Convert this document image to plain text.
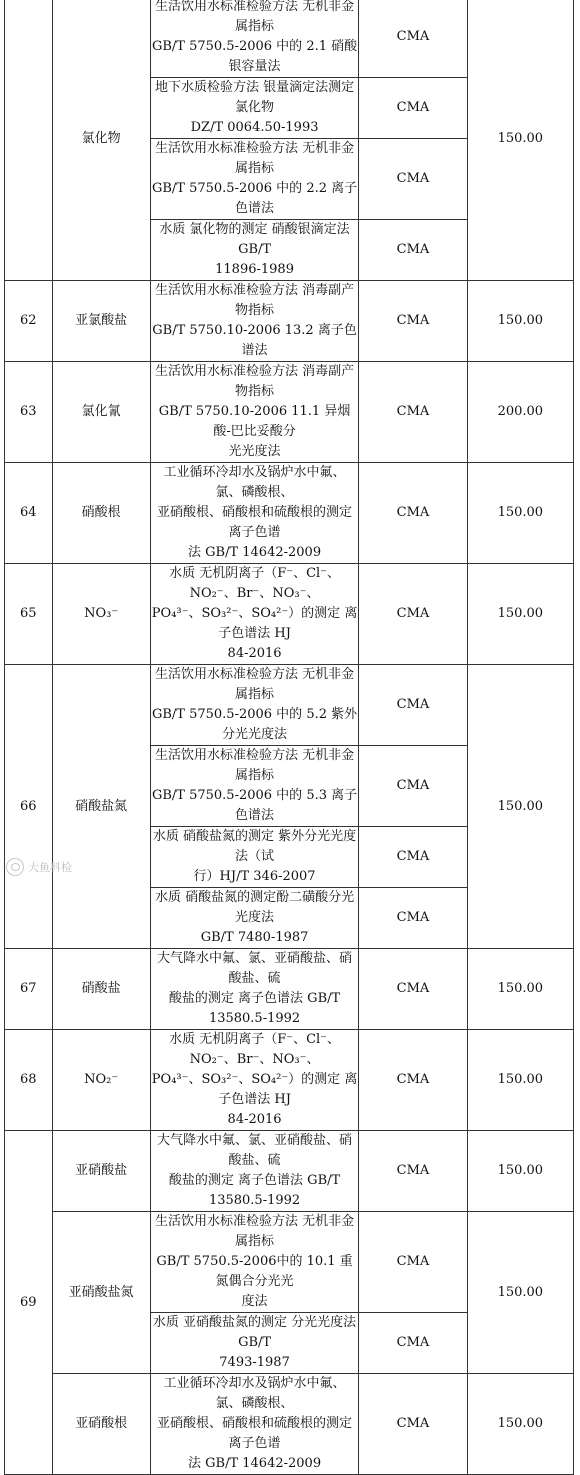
	氯化物	生活饮用水标准检验方法 无机非金属指标
GB/T 5750.5-2006 中的 2.1 硝酸银容量法	CMA	150.00

		地下水质检验方法 银量滴定法测定氯化物
DZ/T 0064.50-1993	CMA	

		生活饮用水标准检验方法 无机非金属指标
GB/T 5750.5-2006 中的 2.2 离子色谱法	CMA	

		水质 氯化物的测定 硝酸银滴定法 GB/T
11896-1989	CMA	
62	亚氯酸盐	生活饮用水标准检验方法 消毒副产物指标
GB/T 5750.10-2006 13.2 离子色谱法	CMA	150.00
63	氯化氰	生活饮用水标准检验方法 消毒副产物指标
GB/T 5750.10-2006 11.1 异烟酸-巴比妥酸分
光光度法	CMA	200.00
64	硝酸根	工业循环冷却水及锅炉水中氟、氯、磷酸根、
亚硝酸根、硝酸根和硫酸根的测定 离子色谱
法 GB/T 14642-2009	CMA	150.00
65	NO₃⁻	水质 无机阴离子（F⁻、Cl⁻、NO₂⁻、Br⁻、NO₃⁻、
PO₄³⁻、SO₃²⁻、SO₄²⁻）的测定 离子色谱法 HJ
84-2016	CMA	150.00
66	硝酸盐氮	生活饮用水标准检验方法 无机非金属指标
GB/T 5750.5-2006 中的 5.2 紫外分光光度法	CMA	150.00

		生活饮用水标准检验方法 无机非金属指标
GB/T 5750.5-2006 中的 5.3 离子色谱法	CMA	

		水质 硝酸盐氮的测定 紫外分光光度法（试
行）HJ/T 346-2007	CMA	

		水质 硝酸盐氮的测定酚二磺酸分光光度法
GB/T 7480-1987	CMA	
67	硝酸盐	大气降水中氟、氯、亚硝酸盐、硝酸盐、硫
酸盐的测定 离子色谱法 GB/T 13580.5-1992	CMA	150.00
68	NO₂⁻	水质 无机阴离子（F⁻、Cl⁻、NO₂⁻、Br⁻、NO₃⁻、
PO₄³⁻、SO₃²⁻、SO₄²⁻）的测定 离子色谱法 HJ
84-2016	CMA	150.00
69	亚硝酸盐	大气降水中氟、氯、亚硝酸盐、硝酸盐、硫
酸盐的测定 离子色谱法 GB/T 13580.5-1992	CMA	150.00
	亚硝酸盐氮	生活饮用水标准检验方法 无机非金属指标
GB/T 5750.5-2006中的 10.1 重氮偶合分光光
度法	CMA	150.00

		水质 亚硝酸盐氮的测定 分光光度法 GB/T
7493-1987	CMA	
	亚硝酸根	工业循环冷却水及锅炉水中氟、氯、磷酸根、
亚硝酸根、硝酸根和硫酸根的测定 离子色谱
法 GB/T 14642-2009	CMA	150.00
大鱼科检
